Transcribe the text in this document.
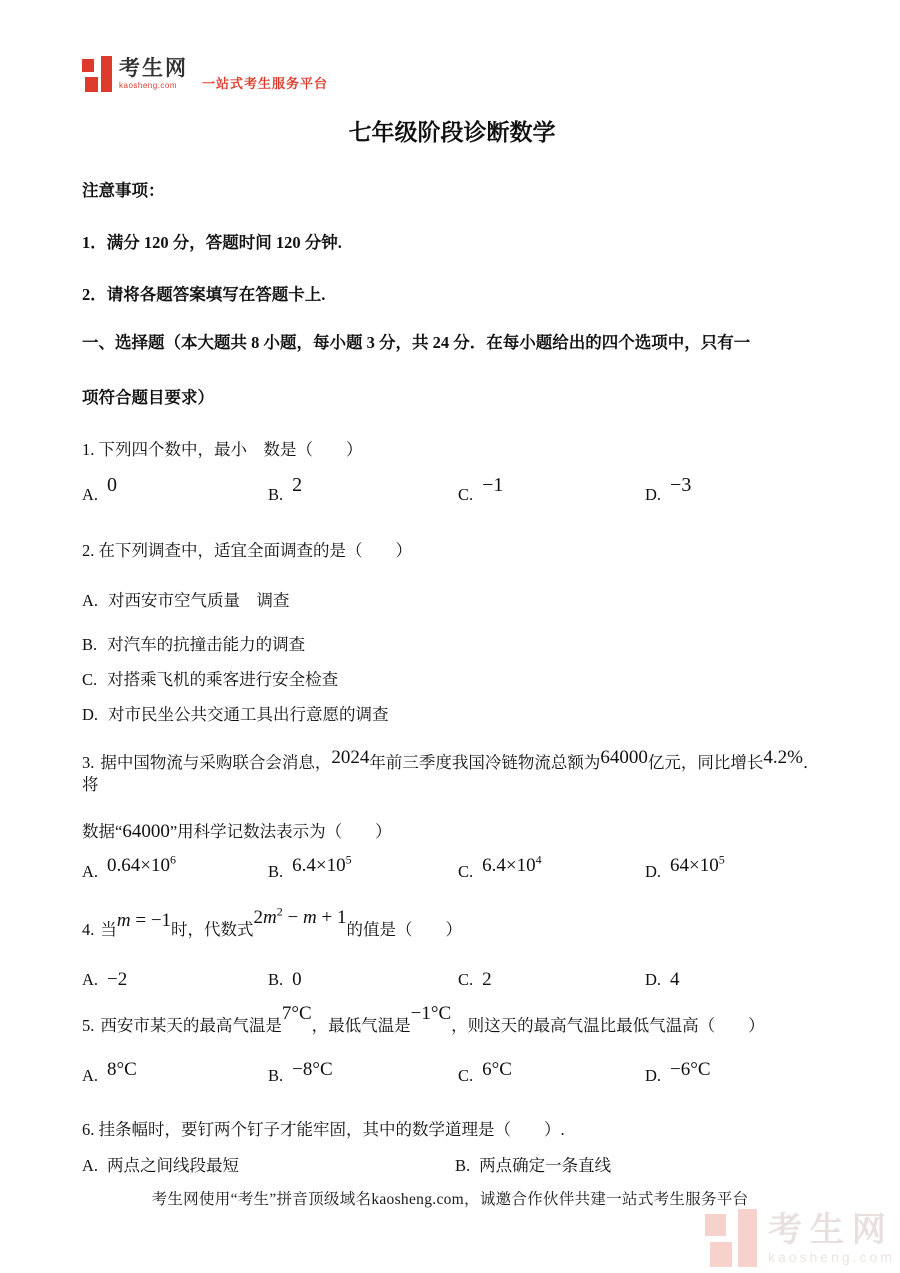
考生网
kaosheng.com	一站式考生服务平台
七年级阶段诊断数学

注意事项：

1．满分 120 分，答题时间 120 分钟.

2．请将各题答案填写在答题卡上.

一、选择题（本大题共 8 小题，每小题 3 分，共 24 分．在每小题给出的四个选项中，只有一

项符合题目要求）

1. 下列四个数中，最小　数是（　　）

A. 0	B. 2	C. −1	D. −3

2. 在下列调查中，适宜全面调查的是（　　）

A. 对西安市空气质量　调查

B. 对汽车的抗撞击能力的调查

C. 对搭乘飞机的乘客进行安全检查

D. 对市民坐公共交通工具出行意愿的调查

3. 据中国物流与采购联合会消息，2024年前三季度我国冷链物流总额为64000亿元，同比增长4.2%．将

数据“64000”用科学记数法表示为（　　）

A. $0.64\times 10^6$
B. $6.4\times 10^5$
C. $6.4\times 10^4$
D. $64\times 10^5$

4. 当m = −1时，代数式$2m^2 - m + 1$的值是（　　）

A. −2	B. 0	C. 2	D. 4

5. 西安市某天的最高气温是7°C，最低气温是−1°C，则这天的最高气温比最低气温高（　　）

A. 8°C	B. −8°C	C. 6°C	D. −6°C

6. 挂条幅时，要钉两个钉子才能牢固，其中的数学道理是（　　）.

A. 两点之间线段最短	B. 两点确定一条直线
考生网使用“考生”拼音顶级域名kaosheng.com，诚邀合作伙伴共建一站式考生服务平台
考生网
kaosheng.com
